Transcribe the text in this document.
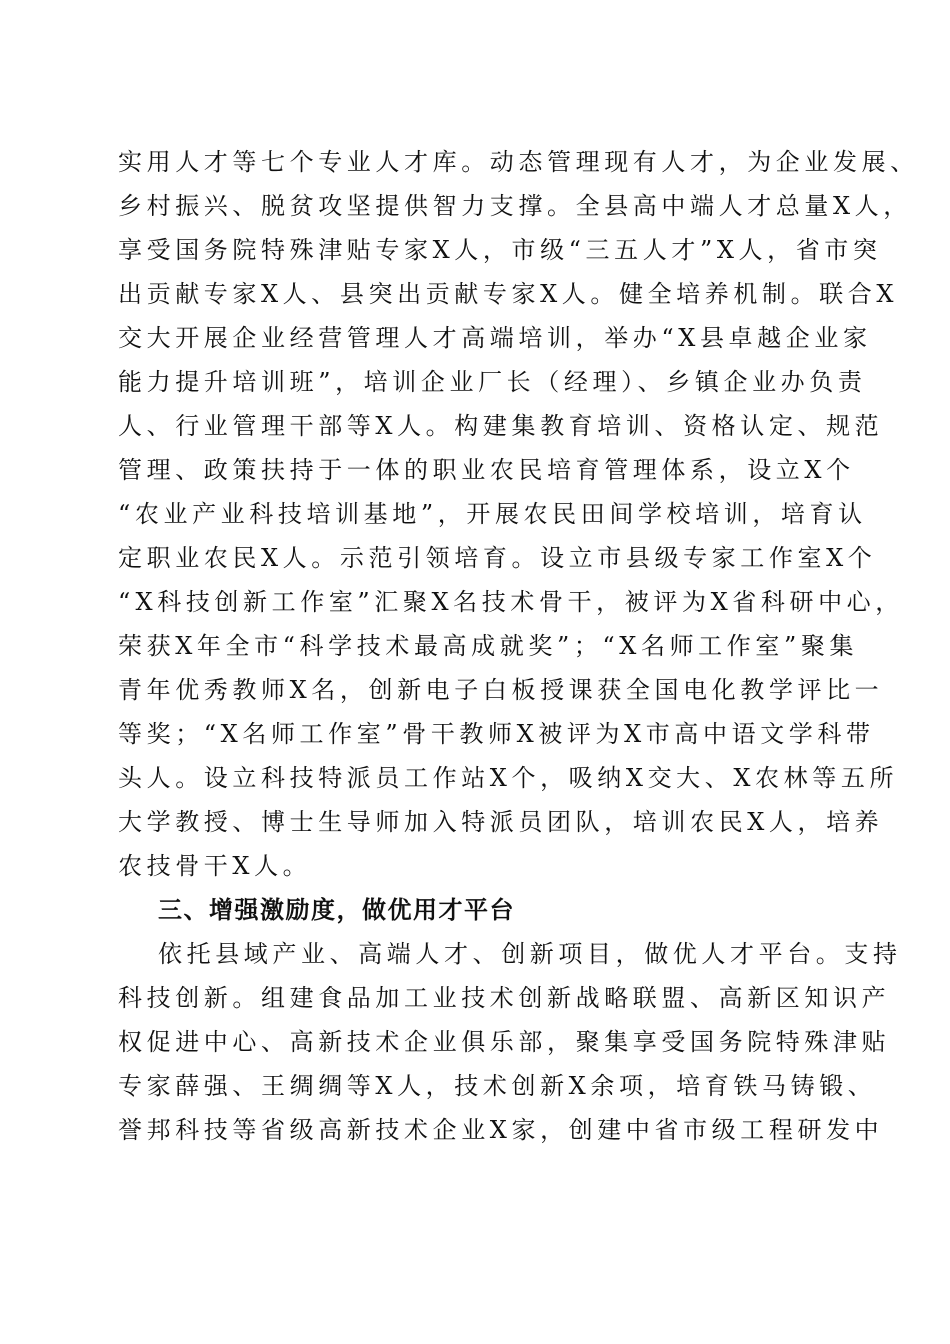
实用人才等七个专业人才库。动态管理现有人才，为企业发展、
乡村振兴、脱贫攻坚提供智力支撑。全县高中端人才总量X人，
享受国务院特殊津贴专家X人，市级“三五人才”X人，省市突
出贡献专家X人、县突出贡献专家X人。健全培养机制。联合X
交大开展企业经营管理人才高端培训，举办“X县卓越企业家
能力提升培训班”，培训企业厂长（经理）、乡镇企业办负责
人、行业管理干部等X人。构建集教育培训、资格认定、规范
管理、政策扶持于一体的职业农民培育管理体系，设立X个
“农业产业科技培训基地”，开展农民田间学校培训，培育认
定职业农民X人。示范引领培育。设立市县级专家工作室X个
“X科技创新工作室”汇聚X名技术骨干，被评为X省科研中心，
荣获X年全市“科学技术最高成就奖”；“X名师工作室”聚集
青年优秀教师X名，创新电子白板授课获全国电化教学评比一
等奖；“X名师工作室”骨干教师X被评为X市高中语文学科带
头人。设立科技特派员工作站X个，吸纳X交大、X农林等五所
大学教授、博士生导师加入特派员团队，培训农民X人，培养
农技骨干X人。
三、增强激励度，做优用才平台
依托县域产业、高端人才、创新项目，做优人才平台。支持
科技创新。组建食品加工业技术创新战略联盟、高新区知识产
权促进中心、高新技术企业俱乐部，聚集享受国务院特殊津贴
专家薛强、王绸绸等X人，技术创新X余项，培育铁马铸锻、
誉邦科技等省级高新技术企业X家，创建中省市级工程研发中
